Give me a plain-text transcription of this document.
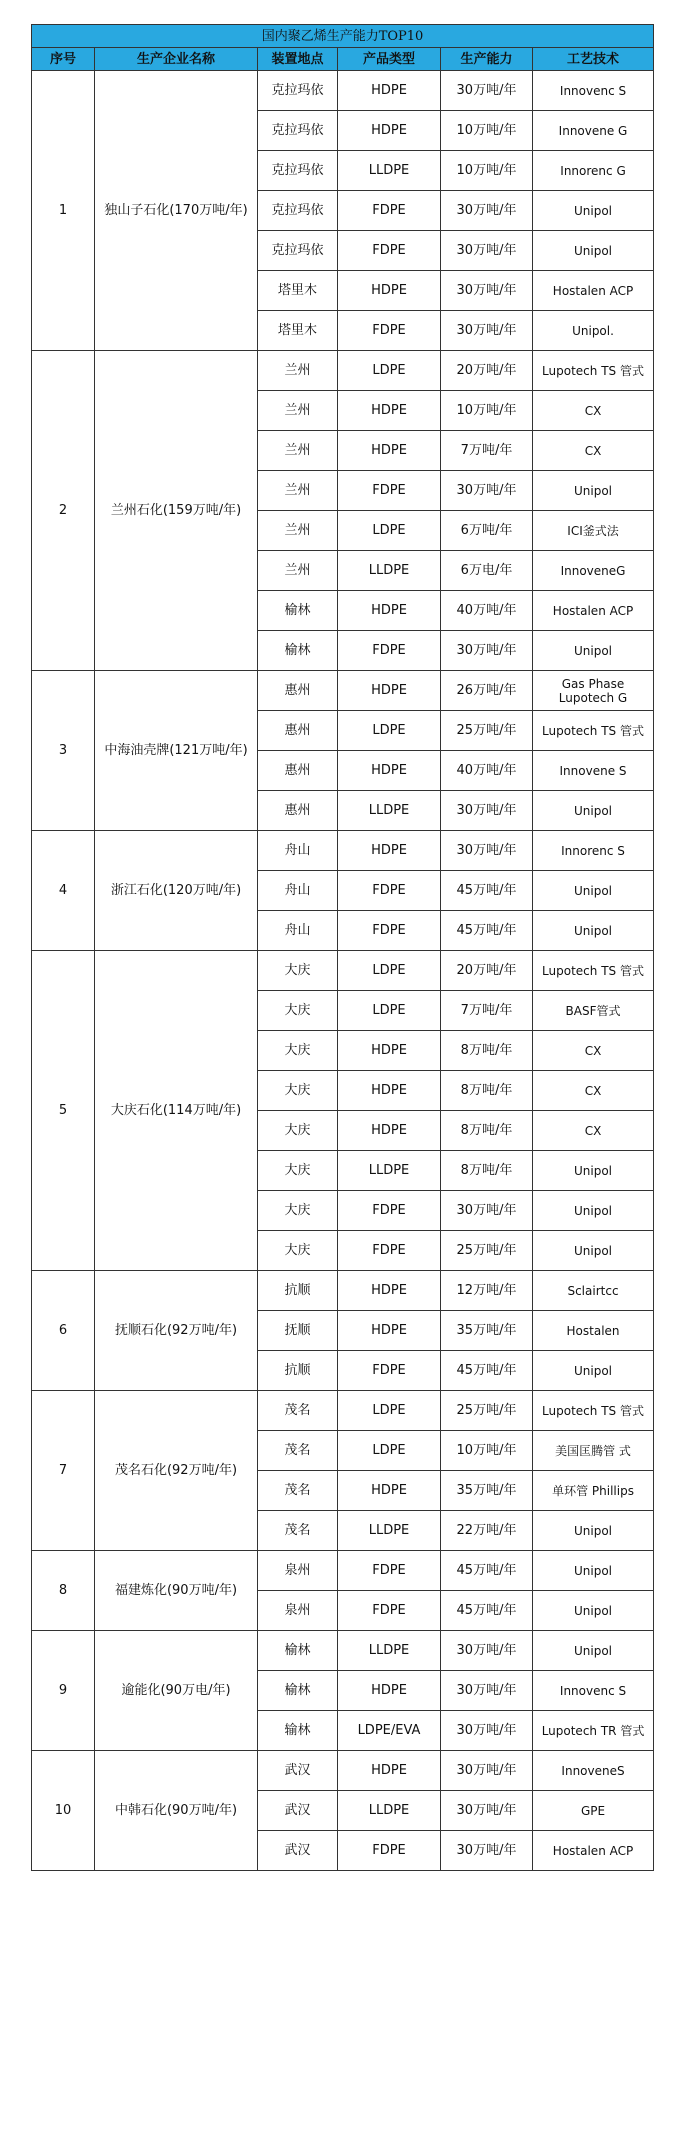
国内聚乙烯生产能力TOP10					
序号	生产企业名称	装置地点	产品类型	生产能力	工艺技术
1	独山子石化(170万吨/年)	克拉玛依	HDPE	30万吨/年	Innovenc S
		克拉玛依	HDPE	10万吨/年	Innovene G
		克拉玛依	LLDPE	10万吨/年	Innorenc G
		克拉玛依	FDPE	30万吨/年	Unipol
		克拉玛依	FDPE	30万吨/年	Unipol
		塔里木	HDPE	30万吨/年	Hostalen ACP
		塔里木	FDPE	30万吨/年	Unipol.
2	兰州石化(159万吨/年)	兰州	LDPE	20万吨/年	Lupotech TS 管式
		兰州	HDPE	10万吨/年	CX
		兰州	HDPE	7万吨/年	CX
		兰州	FDPE	30万吨/年	Unipol
		兰州	LDPE	6万吨/年	ICI釜式法
		兰州	LLDPE	6万电/年	InnoveneG
		榆林	HDPE	40万吨/年	Hostalen ACP
		榆林	FDPE	30万吨/年	Unipol
3	中海油壳牌(121万吨/年)	惠州	HDPE	26万吨/年	Gas Phase Lupotech G
		惠州	LDPE	25万吨/年	Lupotech TS 管式
		惠州	HDPE	40万吨/年	Innovene S
		惠州	LLDPE	30万吨/年	Unipol
4	浙江石化(120万吨/年)	舟山	HDPE	30万吨/年	Innorenc S
		舟山	FDPE	45万吨/年	Unipol
		舟山	FDPE	45万吨/年	Unipol
5	大庆石化(114万吨/年)	大庆	LDPE	20万吨/年	Lupotech TS 管式
		大庆	LDPE	7万吨/年	BASF管式
		大庆	HDPE	8万吨/年	CX
		大庆	HDPE	8万吨/年	CX
		大庆	HDPE	8万吨/年	CX
		大庆	LLDPE	8万吨/年	Unipol
		大庆	FDPE	30万吨/年	Unipol
		大庆	FDPE	25万吨/年	Unipol
6	抚顺石化(92万吨/年)	抗顺	HDPE	12万吨/年	Sclairtcc
		抚顺	HDPE	35万吨/年	Hostalen
		抗顺	FDPE	45万吨/年	Unipol
7	茂名石化(92万吨/年)	茂名	LDPE	25万吨/年	Lupotech TS 管式
		茂名	LDPE	10万吨/年	美国匡腾管 式
		茂名	HDPE	35万吨/年	单环管 Phillips
		茂名	LLDPE	22万吨/年	Unipol
8	福建炼化(90万吨/年)	泉州	FDPE	45万吨/年	Unipol
		泉州	FDPE	45万吨/年	Unipol
9	逾能化(90万电/年)	榆林	LLDPE	30万吨/年	Unipol
		榆林	HDPE	30万吨/年	Innovenc S
		输林	LDPE/EVA	30万吨/年	Lupotech TR 管式
10	中韩石化(90万吨/年)	武汉	HDPE	30万吨/年	InnoveneS
		武汉	LLDPE	30万吨/年	GPE
		武汉	FDPE	30万吨/年	Hostalen ACP
